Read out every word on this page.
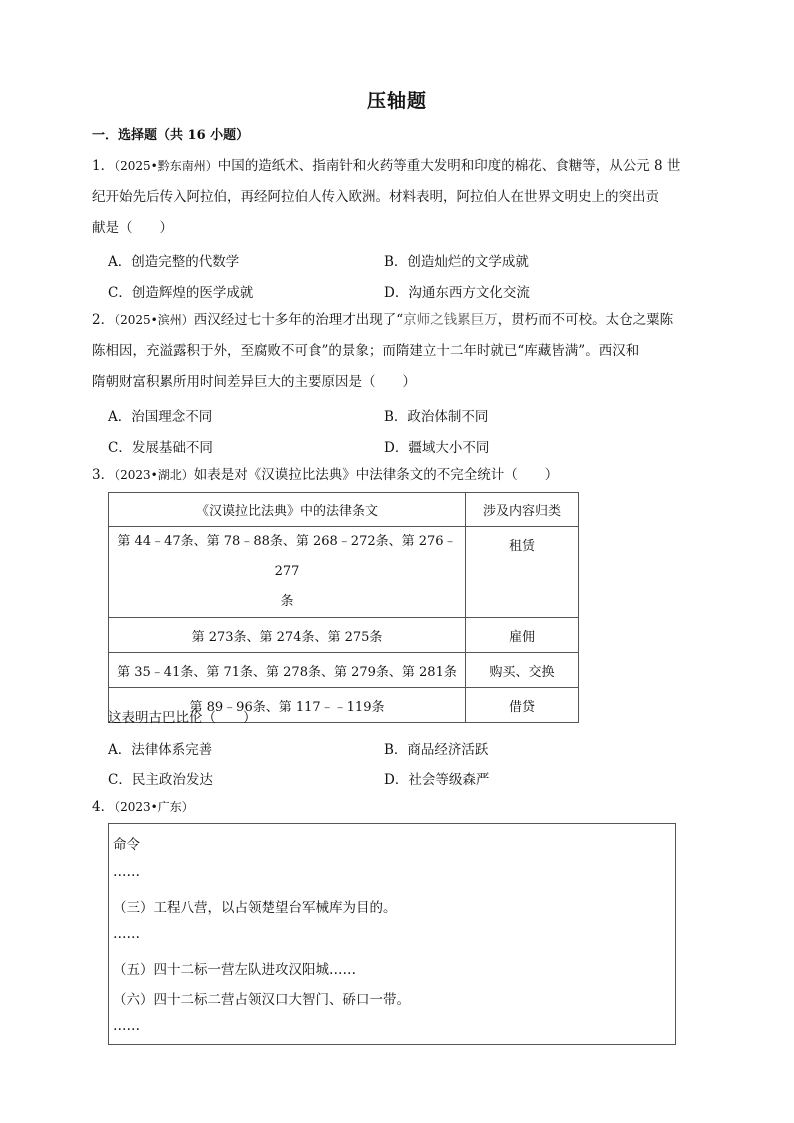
压轴题
一．选择题（共 16 小题）
1．（2025•黔东南州）中国的造纸术、指南针和火药等重大发明和印度的棉花、食糖等，从公元 8 世
纪开始先后传入阿拉伯，再经阿拉伯人传入欧洲。材料表明，阿拉伯人在世界文明史上的突出贡
献是（　　）
A．创造完整的代数学	B．创造灿烂的文学成就
C．创造辉煌的医学成就	D．沟通东西方文化交流
2．（2025•滨州）西汉经过七十多年的治理才出现了“京师之钱累巨万，贯朽而不可校。太仓之粟陈
陈相因，充溢露积于外，至腐败不可食”的景象；而隋建立十二年时就已“库藏皆满”。西汉和
隋朝财富积累所用时间差异巨大的主要原因是（　　）
A．治国理念不同	B．政治体制不同
C．发展基础不同	D．疆域大小不同
3．（2023•湖北）如表是对《汉谟拉比法典》中法律条文的不完全统计（　　）
《汉谟拉比法典》中的法律条文	涉及内容归类

第 44﹣47条、第 78﹣88条、第 268﹣272条、第 276﹣277
条	租赁
第 273条、第 274条、第 275条	雇佣
第 35﹣41条、第 71条、第 278条、第 279条、第 281条	购买、交换
第 89﹣96条、第 117﹣﹣119条	借贷
这表明古巴比伦（　　）
A．法律体系完善	B．商品经济活跃
C．民主政治发达	D．社会等级森严
4．（2023•广东）
命令
……
（三）工程八营，以占领楚望台军械库为目的。
……
（五）四十二标一营左队进攻汉阳城……
（六）四十二标二营占领汉口大智门、硚口一带。
……
